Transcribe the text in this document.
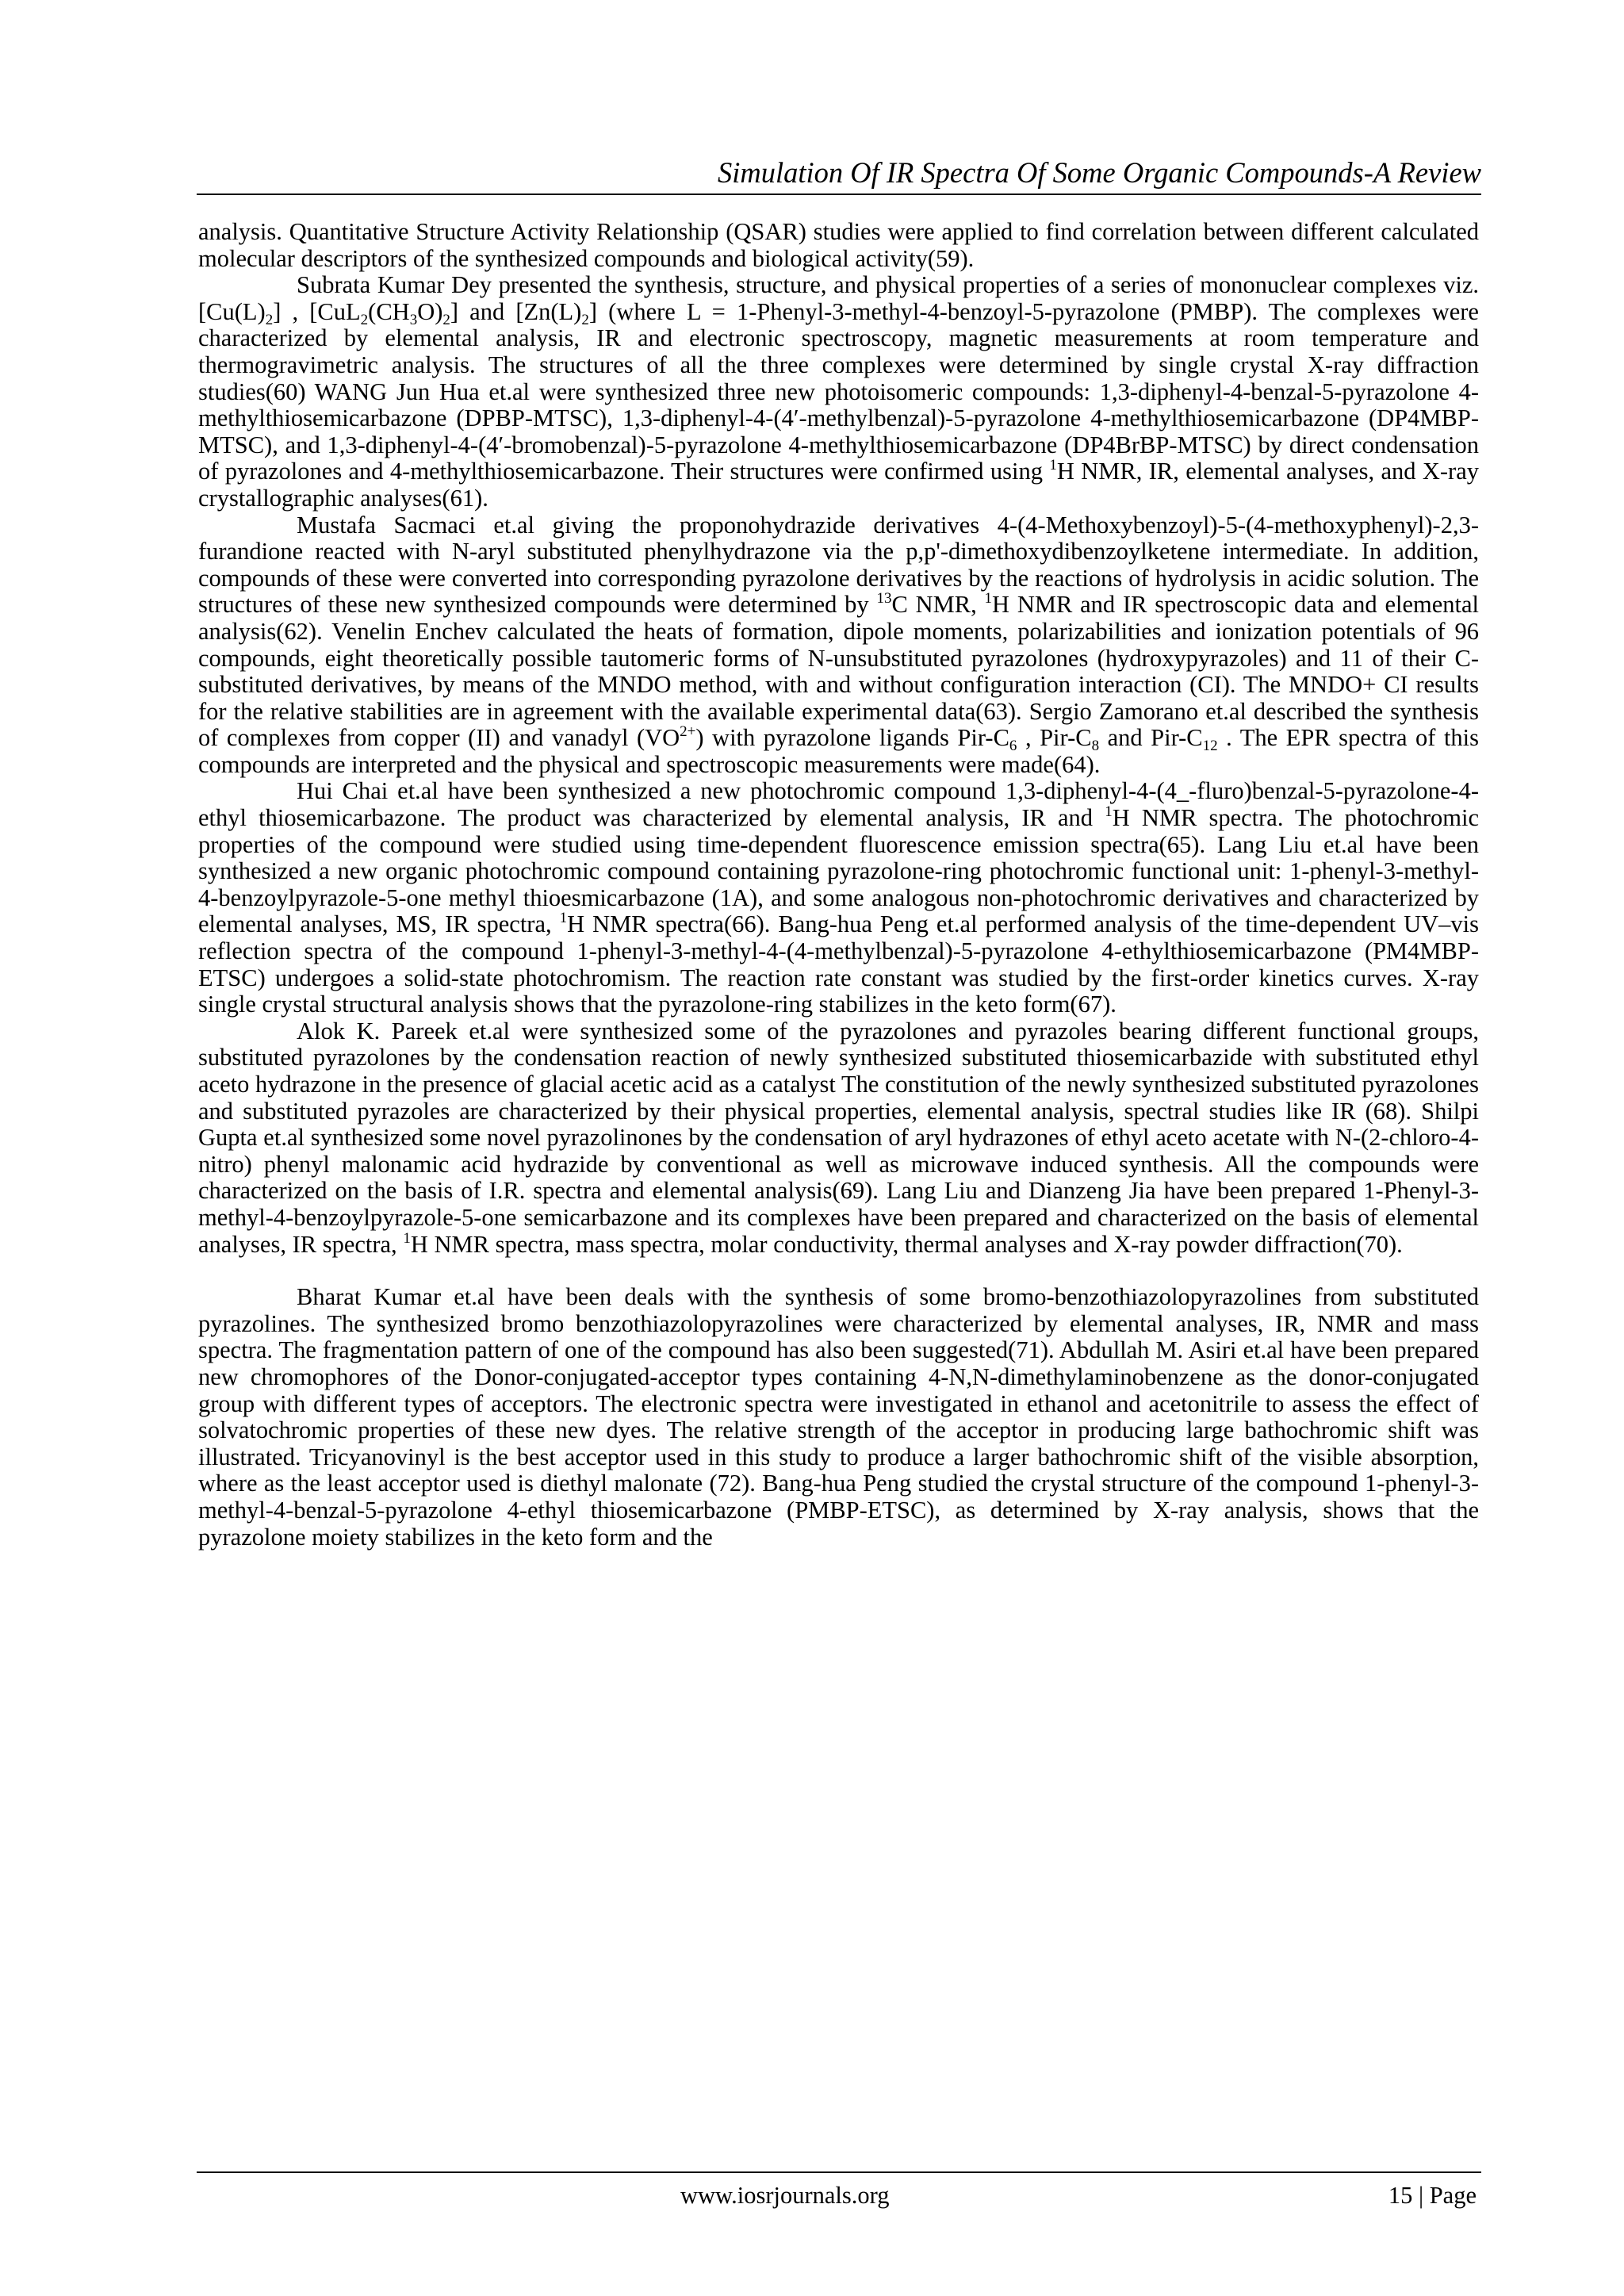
Simulation Of IR Spectra Of Some Organic Compounds-A Review

analysis. Quantitative Structure Activity Relationship (QSAR) studies were applied to find correlation between different calculated molecular descriptors of the synthesized compounds and biological activity(59).

Subrata Kumar Dey presented the synthesis, structure, and physical properties of a series of mononuclear complexes viz. $[Cu(L)_2]$ , $[CuL_2(CH_3O)_2]$ and $[Zn(L)_2]$ (where L = 1-Phenyl-3-methyl-4-benzoyl-5-pyrazolone (PMBP). The complexes were characterized by elemental analysis, IR and electronic spectroscopy, magnetic measurements at room temperature and thermogravimetric analysis. The structures of all the three complexes were determined by single crystal X-ray diffraction studies(60) WANG Jun Hua et.al were synthesized three new photoisomeric compounds: 1,3-diphenyl-4-benzal-5-pyrazolone 4-methylthiosemicarbazone (DPBP-MTSC), 1,3-diphenyl-4-(4′-methylbenzal)-5-pyrazolone 4-methylthiosemicarbazone (DP4MBP- MTSC), and 1,3-diphenyl-4-(4′-bromobenzal)-5-pyrazolone 4-methylthiosemicarbazone (DP4BrBP-MTSC) by direct condensation of pyrazolones and 4-methylthiosemicarbazone. Their structures were confirmed using $^1$H NMR, IR, elemental analyses, and X-ray crystallographic analyses(61).

Mustafa Sacmaci et.al giving the proponohydrazide derivatives 4-(4-Methoxybenzoyl)-5-(4-methoxyphenyl)-2,3-furandione reacted with N-aryl substituted phenylhydrazone via the p,p'-dimethoxydibenzoylketene intermediate. In addition, compounds of these were converted into corresponding pyrazolone derivatives by the reactions of hydrolysis in acidic solution. The structures of these new synthesized compounds were determined by $^{13}$C NMR, $^1$H NMR and IR spectroscopic data and elemental analysis(62). Venelin Enchev calculated the heats of formation, dipole moments, polarizabilities and ionization potentials of 96 compounds, eight theoretically possible tautomeric forms of N-unsubstituted pyrazolones (hydroxypyrazoles) and 11 of their C-substituted derivatives, by means of the MNDO method, with and without configuration interaction (CI). The MNDO+ CI results for the relative stabilities are in agreement with the available experimental data(63). Sergio Zamorano et.al described the synthesis of complexes from copper (II) and vanadyl $(VO^{2+})$ with pyrazolone ligands Pir-$C_6$ , Pir-$C_8$ and Pir-$C_{12}$ . The EPR spectra of this compounds are interpreted and the physical and spectroscopic measurements were made(64).

Hui Chai et.al have been synthesized a new photochromic compound 1,3-diphenyl-4-(4_-fluro)benzal-5-pyrazolone-4-ethyl thiosemicarbazone. The product was characterized by elemental analysis, IR and $^1$H NMR spectra. The photochromic properties of the compound were studied using time-dependent fluorescence emission spectra(65). Lang Liu et.al have been synthesized a new organic photochromic compound containing pyrazolone-ring photochromic functional unit: 1-phenyl-3-methyl-4-benzoylpyrazole-5-one methyl thioesmicarbazone (1A), and some analogous non-photochromic derivatives and characterized by elemental analyses, MS, IR spectra, $^1$H NMR spectra(66). Bang-hua Peng et.al performed analysis of the time-dependent UV–vis reflection spectra of the compound 1-phenyl-3-methyl-4-(4-methylbenzal)-5-pyrazolone 4-ethylthiosemicarbazone (PM4MBP-ETSC) undergoes a solid-state photochromism. The reaction rate constant was studied by the first-order kinetics curves. X-ray single crystal structural analysis shows that the pyrazolone-ring stabilizes in the keto form(67).

Alok K. Pareek et.al were synthesized some of the pyrazolones and pyrazoles bearing different functional groups, substituted pyrazolones by the condensation reaction of newly synthesized substituted thiosemicarbazide with substituted ethyl aceto hydrazone in the presence of glacial acetic acid as a catalyst The constitution of the newly synthesized substituted pyrazolones and substituted pyrazoles are characterized by their physical properties, elemental analysis, spectral studies like IR (68). Shilpi Gupta et.al synthesized some novel pyrazolinones by the condensation of aryl hydrazones of ethyl aceto acetate with N-(2-chloro-4-nitro) phenyl malonamic acid hydrazide by conventional as well as microwave induced synthesis. All the compounds were characterized on the basis of I.R. spectra and elemental analysis(69). Lang Liu and Dianzeng Jia have been prepared 1-Phenyl-3-methyl-4-benzoylpyrazole-5-one semicarbazone and its complexes have been prepared and characterized on the basis of elemental analyses, IR spectra, $^1$H NMR spectra, mass spectra, molar conductivity, thermal analyses and X-ray powder diffraction(70).

Bharat Kumar et.al have been deals with the synthesis of some bromo-benzothiazolopyrazolines from substituted pyrazolines. The synthesized bromo benzothiazolopyrazolines were characterized by elemental analyses, IR, NMR and mass spectra. The fragmentation pattern of one of the compound has also been suggested(71). Abdullah M. Asiri et.al have been prepared new chromophores of the Donor-conjugated-acceptor types containing 4-N,N-dimethylaminobenzene as the donor-conjugated group with different types of acceptors. The electronic spectra were investigated in ethanol and acetonitrile to assess the effect of solvatochromic properties of these new dyes. The relative strength of the acceptor in producing large bathochromic shift was illustrated. Tricyanovinyl is the best acceptor used in this study to produce a larger bathochromic shift of the visible absorption, where as the least acceptor used is diethyl malonate (72). Bang-hua Peng studied the crystal structure of the compound 1-phenyl-3-methyl-4-benzal-5-pyrazolone 4-ethyl thiosemicarbazone (PMBP-ETSC), as determined by X-ray analysis, shows that the pyrazolone moiety stabilizes in the keto form and the

www.iosrjournals.org	15 | Page
